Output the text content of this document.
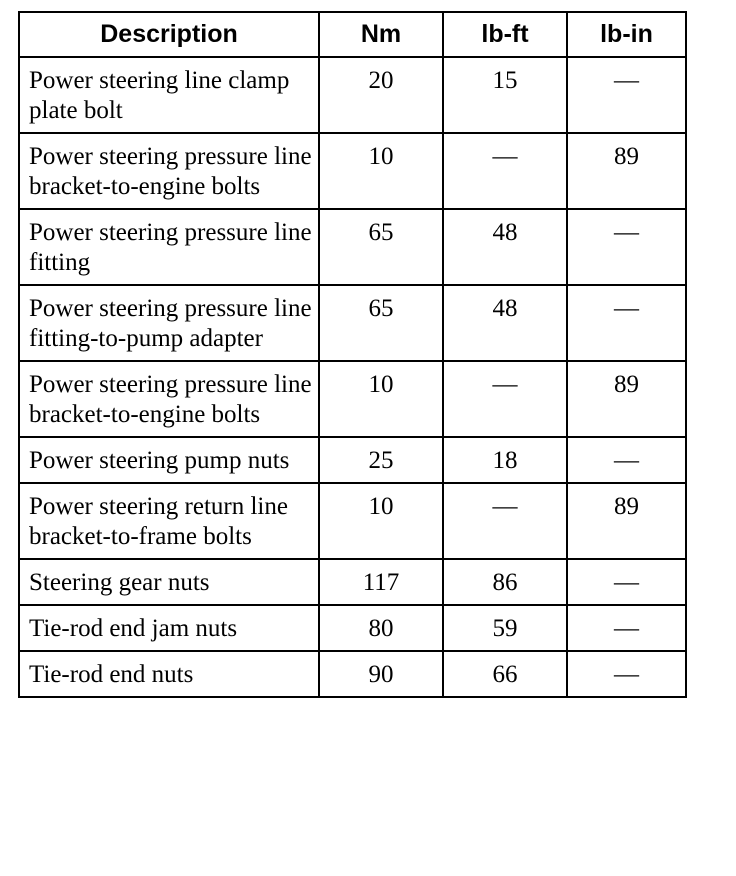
Description	Nm	lb-ft	lb-in
Power steering line clamp plate bolt	20	15	—
Power steering pressure line bracket-to-engine bolts	10	—	89
Power steering pressure line fitting	65	48	—
Power steering pressure line fitting-to-pump adapter	65	48	—
Power steering pressure line bracket-to-engine bolts	10	—	89
Power steering pump nuts	25	18	—
Power steering return line bracket-to-frame bolts	10	—	89
Steering gear nuts	117	86	—
Tie-rod end jam nuts	80	59	—
Tie-rod end nuts	90	66	—
